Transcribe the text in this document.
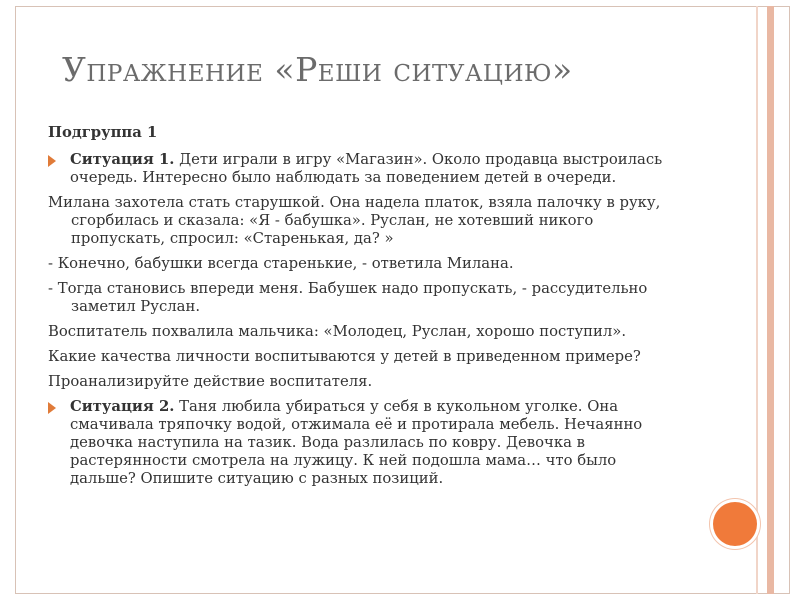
Упражнение «Реши ситуацию»

Подгруппа 1

Ситуация 1. Дети играли в игру «Магазин». Около продавца выстроилась очередь. Интересно было наблюдать за поведением детей в очереди.

Милана захотела стать старушкой. Она надела платок, взяла палочку в руку, сгорбилась и сказала: «Я - бабушка». Руслан, не хотевший никого пропускать, спросил: «Старенькая, да? »

- Конечно, бабушки всегда старенькие, - ответила Милана.

- Тогда становись впереди меня. Бабушек надо пропускать, - рассудительно заметил Руслан.

Воспитатель похвалила мальчика: «Молодец, Руслан, хорошо поступил».

Какие качества личности воспитываются у детей в приведенном примере?

Проанализируйте действие воспитателя.

Ситуация 2. Таня любила убираться у себя в кукольном уголке. Она смачивала тряпочку водой, отжимала её и протирала мебель. Нечаянно девочка наступила на тазик. Вода разлилась по ковру. Девочка в растерянности смотрела на лужицу. К ней подошла мама… что было дальше? Опишите ситуацию с разных позиций.
